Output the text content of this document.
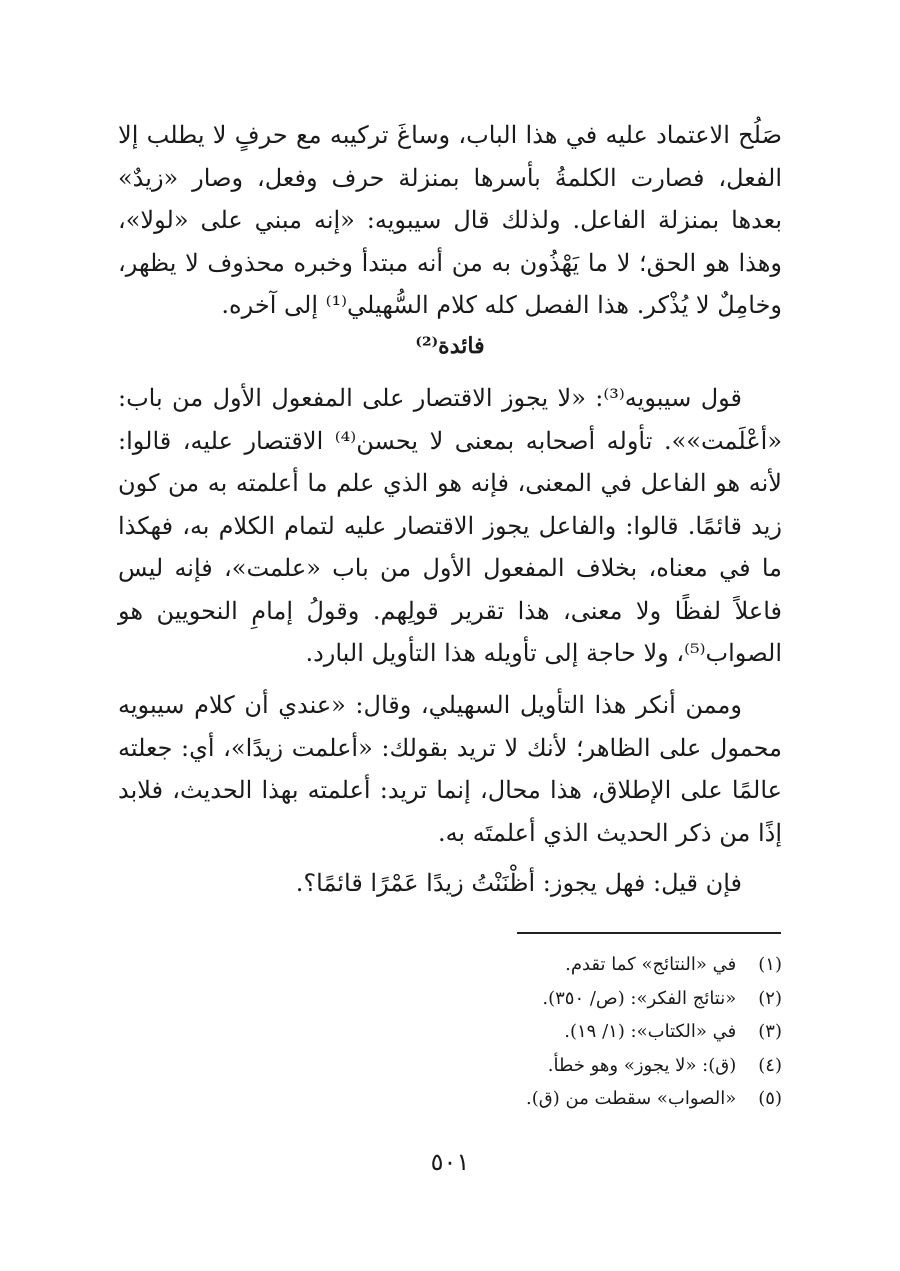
صَلُح الاعتماد عليه في هذا الباب، وساغَ تركيبه مع حرفٍ لا يطلب إلا الفعل، فصارت الكلمةُ بأسرها بمنزلة حرف وفعل، وصار «زيدٌ» بعدها بمنزلة الفاعل. ولذلك قال سيبويه: «إنه مبني على «لولا»، وهذا هو الحق؛ لا ما يَهْذُون به من أنه مبتدأ وخبره محذوف لا يظهر، وخامِلٌ لا يُذْكر. هذا الفصل كله كلام السُّهيلي⁽¹⁾ إلى آخره.

فائدة⁽²⁾

قول سيبويه⁽³⁾: «لا يجوز الاقتصار على المفعول الأول من باب: «أعْلَمت»». تأوله أصحابه بمعنى لا يحسن⁽⁴⁾ الاقتصار عليه، قالوا: لأنه هو الفاعل في المعنى، فإنه هو الذي علم ما أعلمته به من كون زيد قائمًا. قالوا: والفاعل يجوز الاقتصار عليه لتمام الكلام به، فهكذا ما في معناه، بخلاف المفعول الأول من باب «علمت»، فإنه ليس فاعلاً لفظًا ولا معنى، هذا تقرير قولِهم. وقولُ إمامِ النحويين هو الصواب⁽⁵⁾، ولا حاجة إلى تأويله هذا التأويل البارد.

وممن أنكر هذا التأويل السهيلي، وقال: «عندي أن كلام سيبويه محمول على الظاهر؛ لأنك لا تريد بقولك: «أعلمت زيدًا»، أي: جعلته عالمًا على الإطلاق، هذا محال، إنما تريد: أعلمته بهذا الحديث، فلابد إذًا من ذكر الحديث الذي أعلمتَه به.

فإن قيل: فهل يجوز: أظْنَنْتُ زيدًا عَمْرًا قائمًا؟.

(١) في «النتائج» كما تقدم.
(٢) «نتائج الفكر»: (ص/ ٣٥٠).
(٣) في «الكتاب»: (١/ ١٩).
(٤) (ق): «لا يجوز» وهو خطأ.
(٥) «الصواب» سقطت من (ق).
٥٠١
